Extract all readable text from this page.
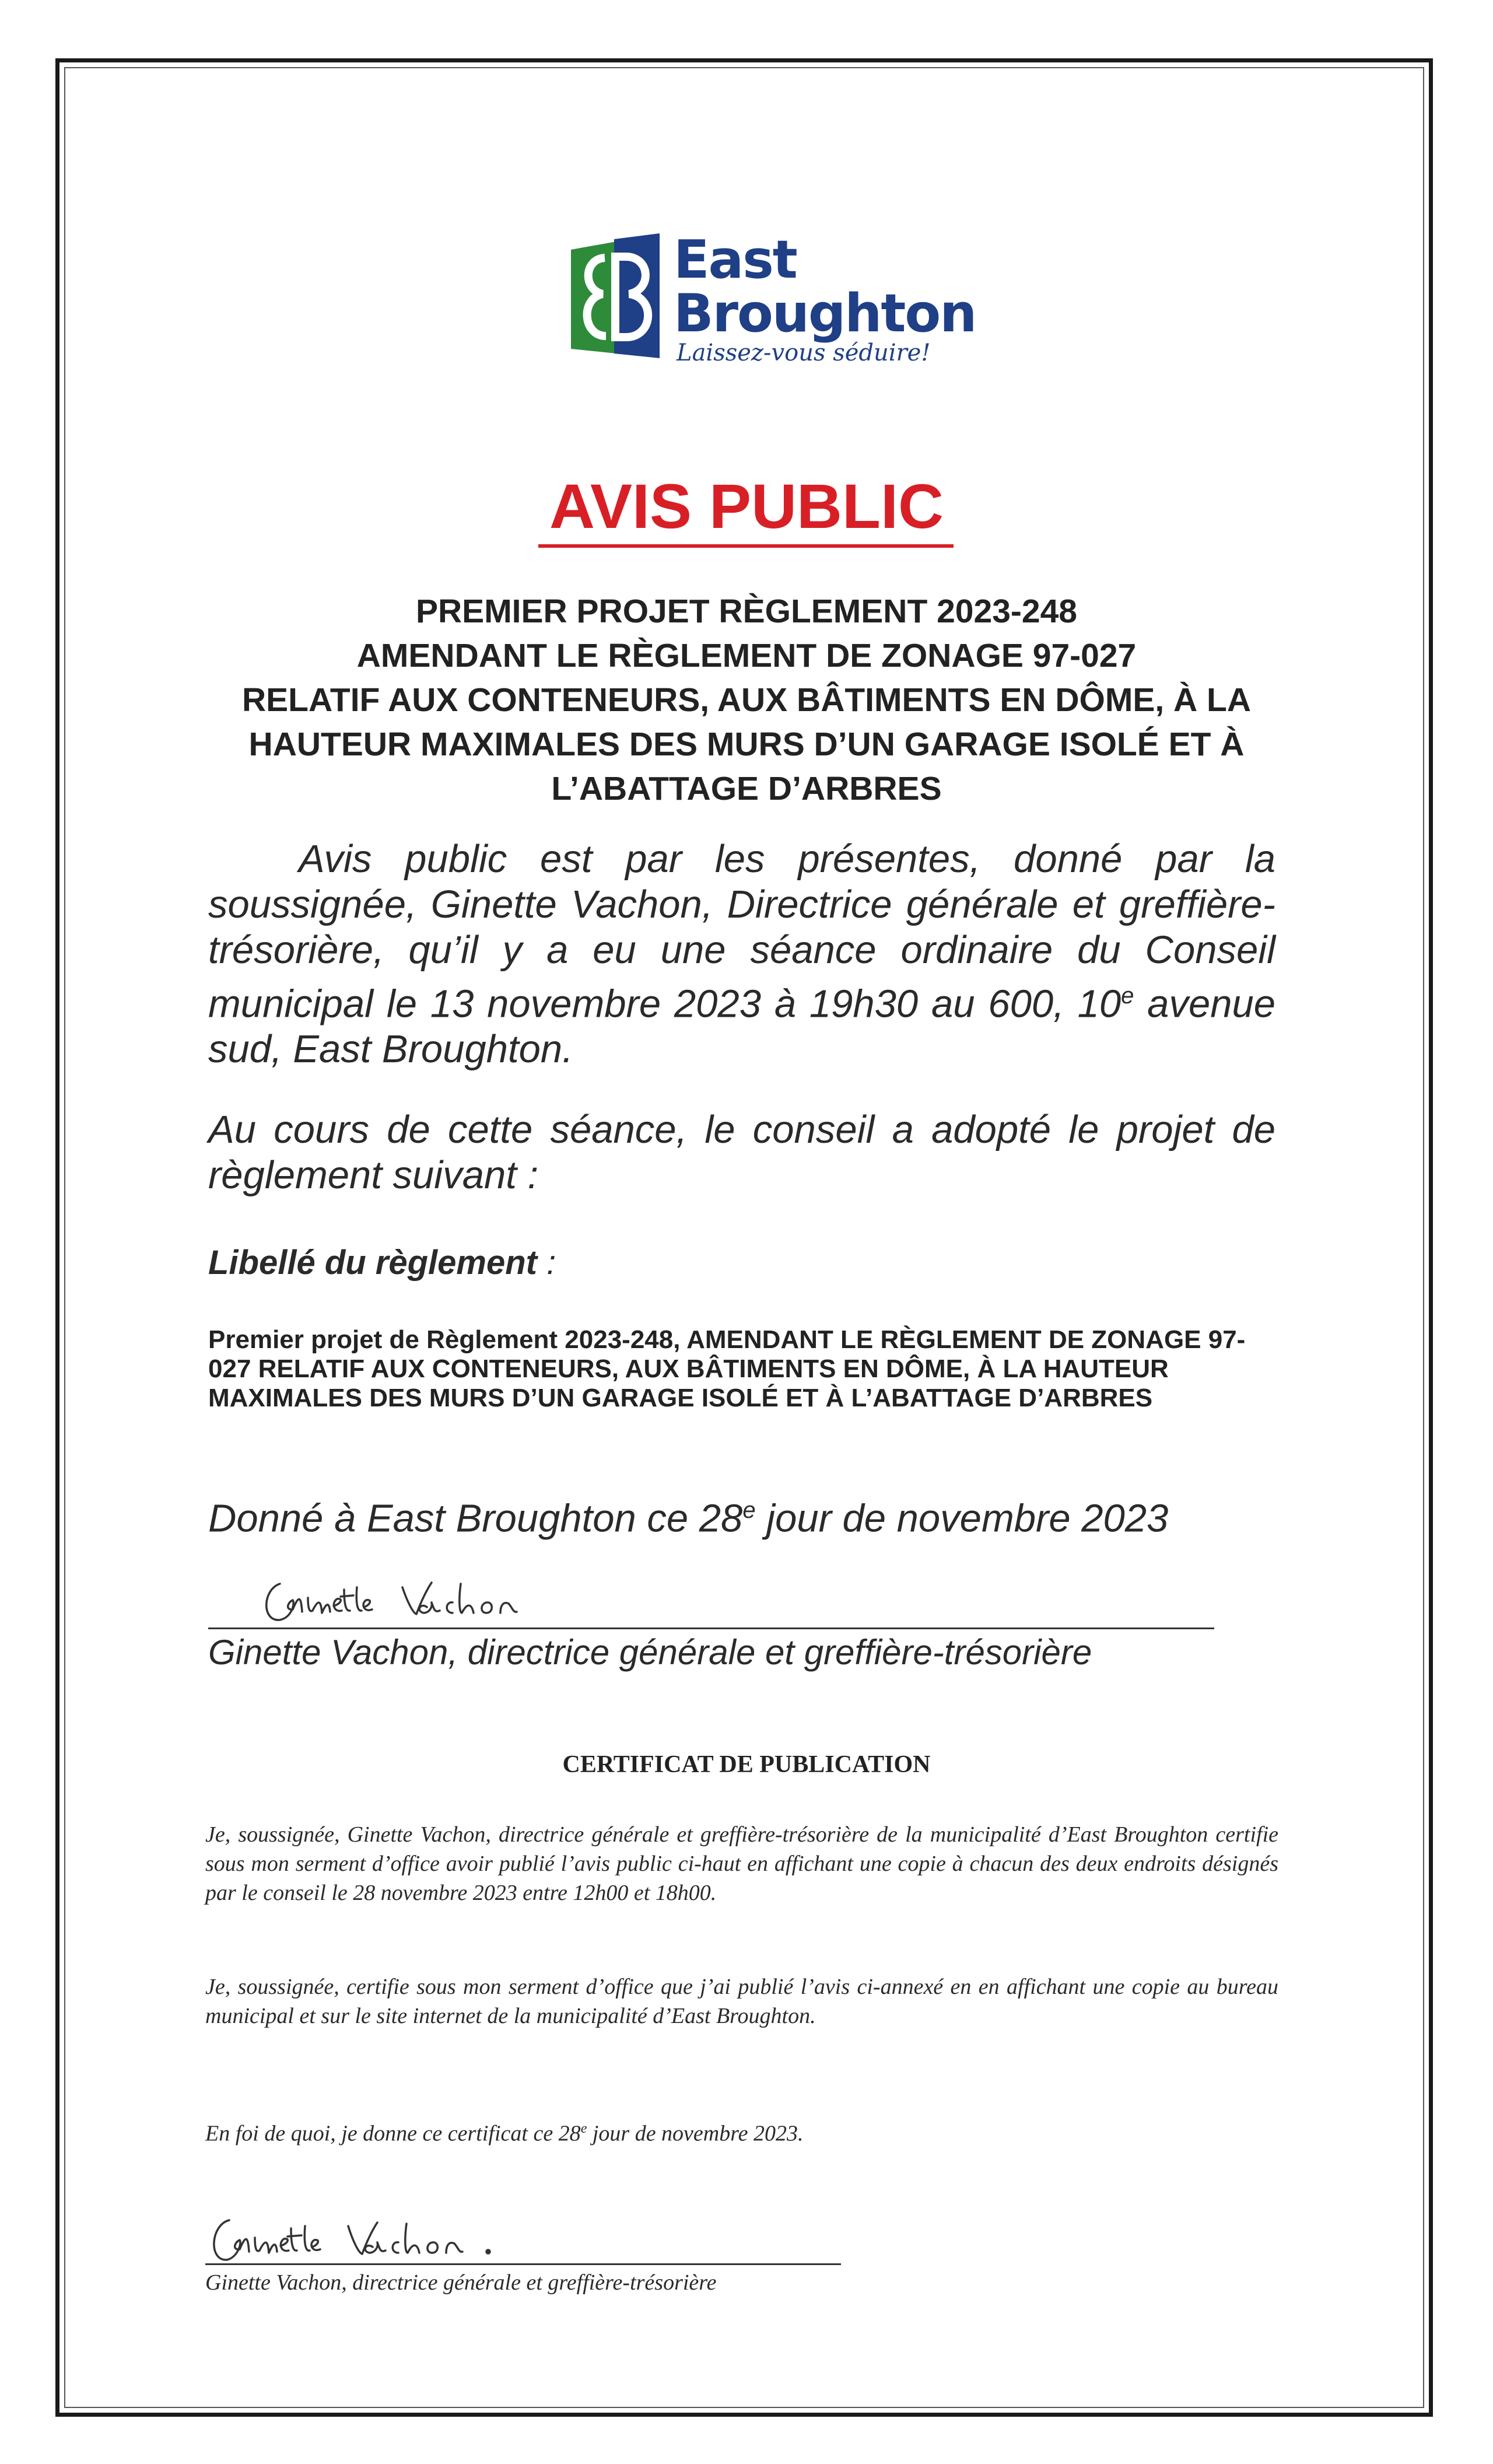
East
Broughton
Laissez-vous séduire!
AVIS PUBLIC
PREMIER PROJET RÈGLEMENT 2023-248
AMENDANT LE RÈGLEMENT DE ZONAGE 97-027
RELATIF AUX CONTENEURS, AUX BÂTIMENTS EN DÔME, À LA
HAUTEUR MAXIMALES DES MURS D’UN GARAGE ISOLÉ ET À
L’ABATTAGE D’ARBRES
Avis public est par les présentes, donné par la soussignée, Ginette Vachon, Directrice générale et greffière-trésorière, qu’il y a eu une séance ordinaire du Conseil municipal le 13 novembre 2023 à 19h30 au 600, 10e avenue sud, East Broughton.
Au cours de cette séance, le conseil a adopté le projet de règlement suivant :
Libellé du règlement :
Premier projet de Règlement 2023-248, AMENDANT LE RÈGLEMENT DE ZONAGE 97-027 RELATIF AUX CONTENEURS, AUX BÂTIMENTS EN DÔME, À LA HAUTEUR MAXIMALES DES MURS D’UN GARAGE ISOLÉ ET À L’ABATTAGE D’ARBRES
Donné à East Broughton ce 28e jour de novembre 2023
Ginette Vachon, directrice générale et greffière-trésorière
CERTIFICAT DE PUBLICATION
Je, soussignée, Ginette Vachon, directrice générale et greffière-trésorière de la municipalité d’East Broughton certifie sous mon serment d’office avoir publié l’avis public ci-haut en affichant une copie à chacun des deux endroits désignés par le conseil le 28 novembre 2023 entre 12h00 et 18h00.
Je, soussignée, certifie sous mon serment d’office que j’ai publié l’avis ci-annexé en en affichant une copie au bureau municipal et sur le site internet de la municipalité d’East Broughton.
En foi de quoi, je donne ce certificat ce 28e jour de novembre 2023.
Ginette Vachon, directrice générale et greffière-trésorière
